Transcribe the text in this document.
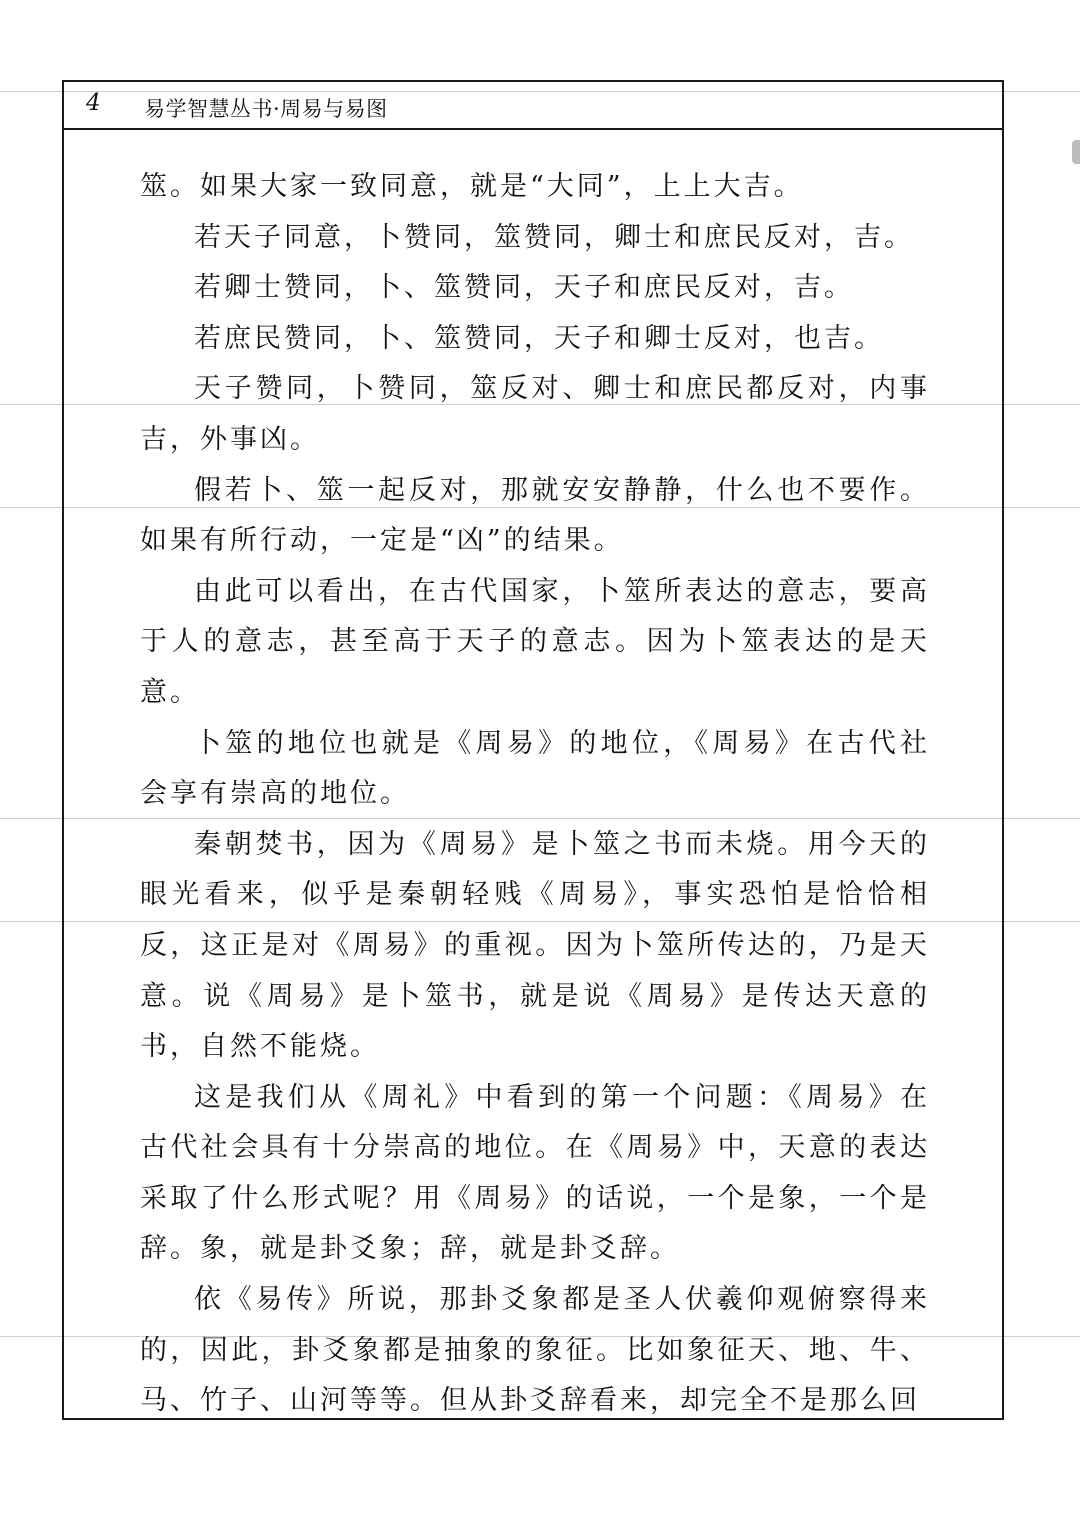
4 易学智慧丛书·周易与易图

筮。如果大家一致同意，就是“大同”，上上大吉。

若天子同意，卜赞同，筮赞同，卿士和庶民反对，吉。

若卿士赞同，卜、筮赞同，天子和庶民反对，吉。

若庶民赞同，卜、筮赞同，天子和卿士反对，也吉。

天子赞同，卜赞同，筮反对、卿士和庶民都反对，内事吉，外事凶。

假若卜、筮一起反对，那就安安静静，什么也不要作。如果有所行动，一定是“凶”的结果。

由此可以看出，在古代国家，卜筮所表达的意志，要高于人的意志，甚至高于天子的意志。因为卜筮表达的是天意。

卜筮的地位也就是《周易》的地位，《周易》在古代社会享有崇高的地位。

秦朝焚书，因为《周易》是卜筮之书而未烧。用今天的眼光看来，似乎是秦朝轻贱《周易》，事实恐怕是恰恰相反，这正是对《周易》的重视。因为卜筮所传达的，乃是天意。说《周易》是卜筮书，就是说《周易》是传达天意的书，自然不能烧。

这是我们从《周礼》中看到的第一个问题：《周易》在古代社会具有十分崇高的地位。在《周易》中，天意的表达采取了什么形式呢？用《周易》的话说，一个是象，一个是辞。象，就是卦爻象；辞，就是卦爻辞。

依《易传》所说，那卦爻象都是圣人伏羲仰观俯察得来的，因此，卦爻象都是抽象的象征。比如象征天、地、牛、马、竹子、山河等等。但从卦爻辞看来，却完全不是那么回
